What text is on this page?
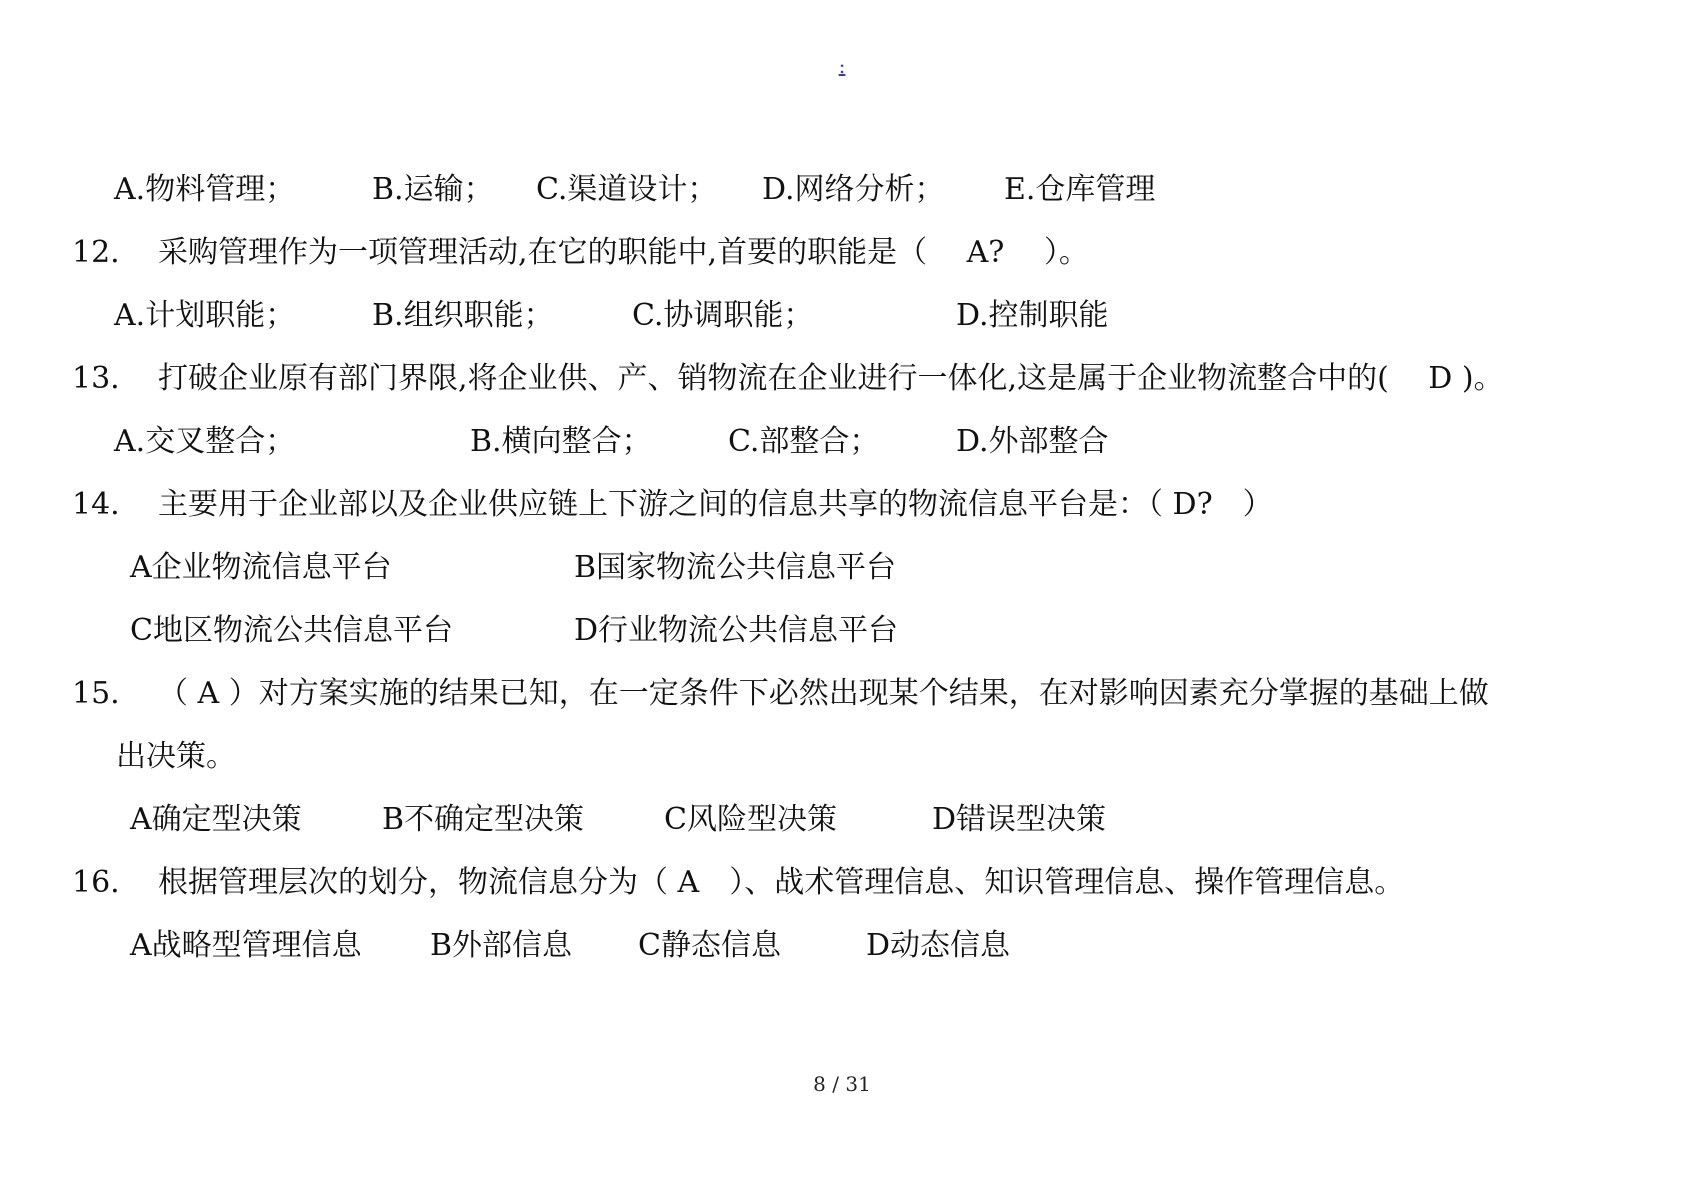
:
A.物料管理；	B.运输； C.渠道设计； D.网络分析； E.仓库管理
12. 采购管理作为一项管理活动,在它的职能中,首要的职能是（　 A?　 ）。
A.计划职能；	B.组织职能；	C.协调职能；	D.控制职能
13. 打破企业原有部门界限,将企业供、产、销物流在企业进行一体化,这是属于企业物流整合中的(　 D )。
A.交叉整合；	B.横向整合；	C.部整合；	D.外部整合
14. 主要用于企业部以及企业供应链上下游之间的信息共享的物流信息平台是：（ D?　）
A企业物流信息平台	B国家物流公共信息平台
C地区物流公共信息平台	D行业物流公共信息平台
15. （ A ）对方案实施的结果已知，在一定条件下必然出现某个结果，在对影响因素充分掌握的基础上做
出决策。
A确定型决策	B不确定型决策	C风险型决策	D错误型决策
16. 根据管理层次的划分，物流信息分为（ A　）、战术管理信息、知识管理信息、操作管理信息。
A战略型管理信息 B外部信息 C静态信息	D动态信息
8 / 31
